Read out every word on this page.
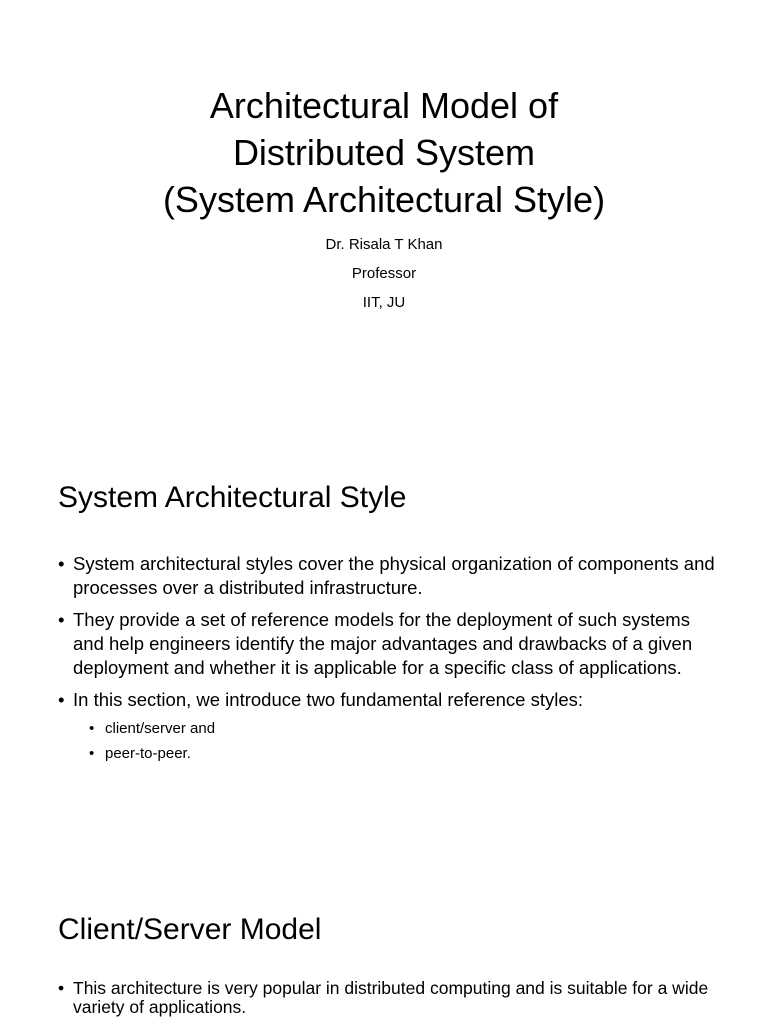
Architectural Model of
Distributed System
(System Architectural Style)
Dr. Risala T Khan
Professor
IIT, JU
System Architectural Style
• System architectural styles cover the physical organization of components and processes over a distributed infrastructure.
• They provide a set of reference models for the deployment of such systems and help engineers identify the major advantages and drawbacks of a given deployment and whether it is applicable for a specific class of applications.
• In this section, we introduce two fundamental reference styles:
• client/server and
• peer-to-peer.
Client/Server Model
• This architecture is very popular in distributed computing and is suitable for a wide variety of applications.
